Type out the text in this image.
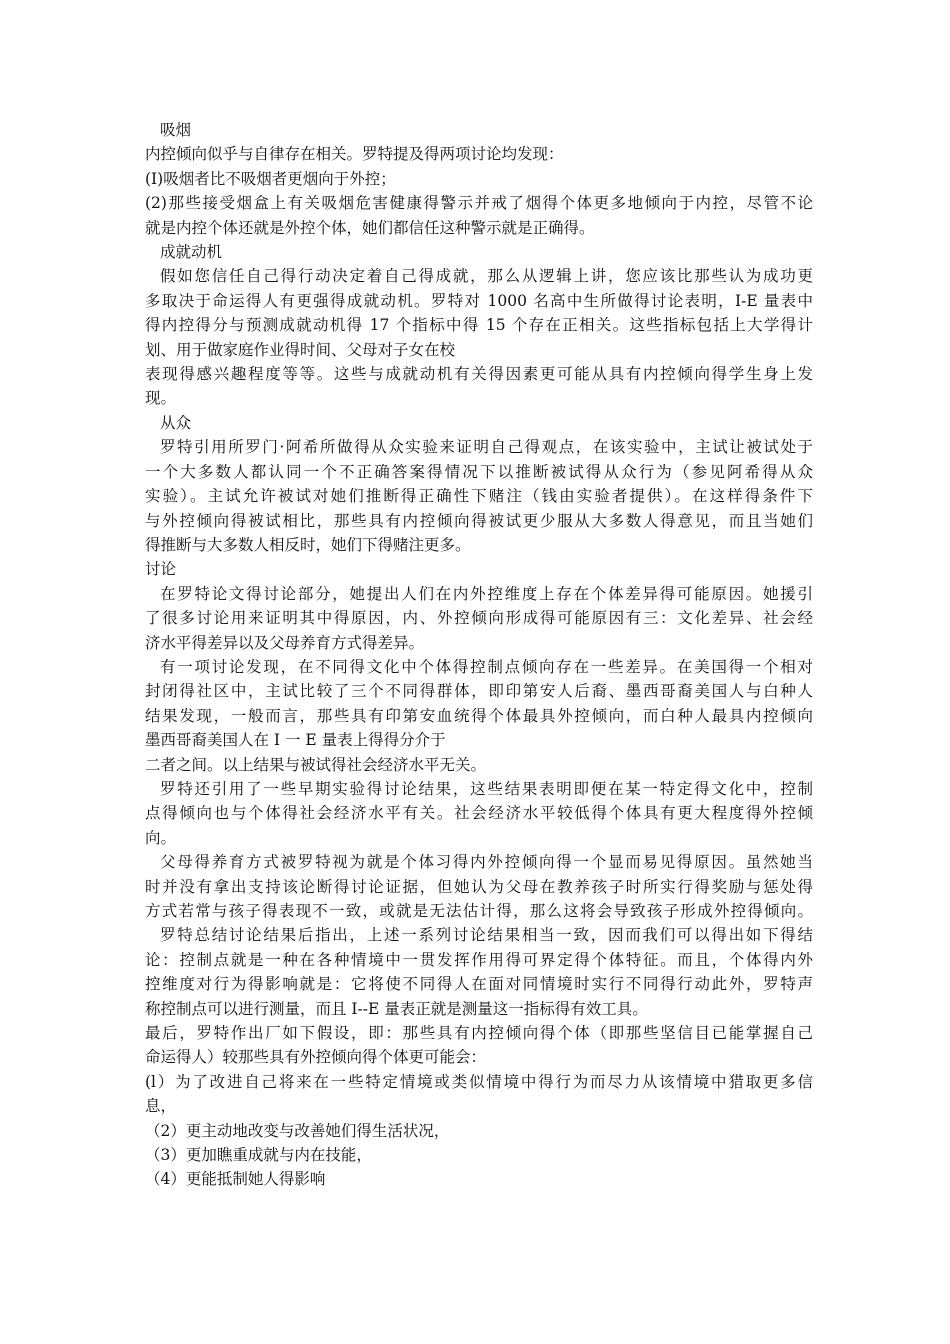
吸烟
内控倾向似乎与自律存在相关。罗特提及得两项讨论均发现：
(I)吸烟者比不吸烟者更烟向于外控；
(2)那些接受烟盒上有关吸烟危害健康得警示并戒了烟得个体更多地倾向于内控，尽管不论
就是内控个体还就是外控个体，她们都信任这种警示就是正确得。
成就动机
假如您信任自己得行动决定着自己得成就，那么从逻辑上讲，您应该比那些认为成功更
多取决于命运得人有更强得成就动机。罗特对 1000 名高中生所做得讨论表明，I-E 量表中
得内控得分与预测成就动机得 17 个指标中得 15 个存在正相关。这些指标包括上大学得计
划、用于做家庭作业得时间、父母对子女在校
表现得感兴趣程度等等。这些与成就动机有关得因素更可能从具有内控倾向得学生身上发
现。
从众
罗特引用所罗门·阿希所做得从众实验来证明自己得观点，在该实验中，主试让被试处于
一个大多数人都认同一个不正确答案得情况下以推断被试得从众行为（参见阿希得从众
实验）。主试允许被试对她们推断得正确性下赌注（钱由实验者提供）。在这样得条件下
与外控倾向得被试相比，那些具有内控倾向得被试更少服从大多数人得意见，而且当她们
得推断与大多数人相反时，她们下得赌注更多。
讨论
在罗特论文得讨论部分，她提出人们在内外控维度上存在个体差异得可能原因。她援引
了很多讨论用来证明其中得原因，内、外控倾向形成得可能原因有三：文化差异、社会经
济水平得差异以及父母养育方式得差异。
有一项讨论发现，在不同得文化中个体得控制点倾向存在一些差异。在美国得一个相对
封闭得社区中，主试比较了三个不同得群体，即印第安人后裔、墨西哥裔美国人与白种人
结果发现，一般而言，那些具有印第安血统得个体最具外控倾向，而白种人最具内控倾向
墨西哥裔美国人在 I 一 E 量表上得得分介于
二者之间。以上结果与被试得社会经济水平无关。
罗特还引用了一些早期实验得讨论结果，这些结果表明即便在某一特定得文化中，控制
点得倾向也与个体得社会经济水平有关。社会经济水平较低得个体具有更大程度得外控倾
向。
父母得养育方式被罗特视为就是个体习得内外控倾向得一个显而易见得原因。虽然她当
时并没有拿出支持该论断得讨论证据，但她认为父母在教养孩子时所实行得奖励与惩处得
方式若常与孩子得表现不一致，或就是无法估计得，那么这将会导致孩子形成外控得倾向。
罗特总结讨论结果后指出，上述一系列讨论结果相当一致，因而我们可以得出如下得结
论：控制点就是一种在各种情境中一贯发挥作用得可界定得个体特征。而且，个体得内外
控维度对行为得影响就是：它将使不同得人在面对同情境时实行不同得行动此外，罗特声
称控制点可以进行测量，而且 I--E 量表正就是测量这一指标得有效工具。
最后，罗特作出厂如下假设，即：那些具有内控倾向得个体（即那些坚信目已能掌握自己
命运得人）较那些具有外控倾向得个体更可能会：
(l）为了改进自己将来在一些特定情境或类似情境中得行为而尽力从该情境中猎取更多信
息，
（2）更主动地改变与改善她们得生活状况，
（3）更加瞧重成就与内在技能，
（4）更能抵制她人得影响
